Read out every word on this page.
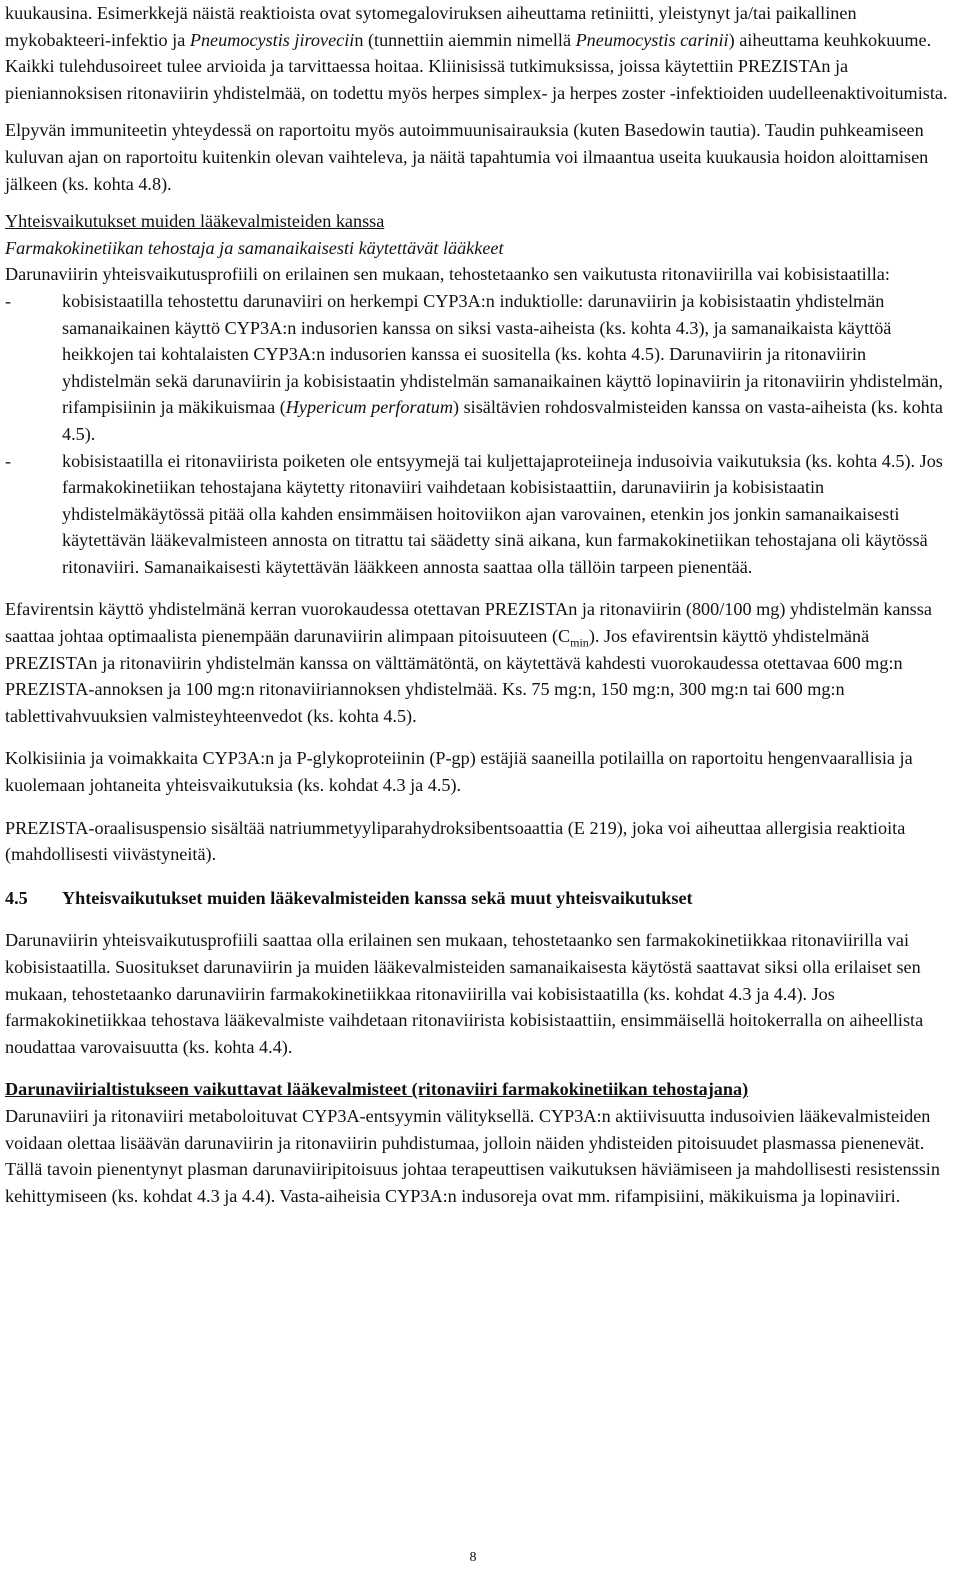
kuukausina. Esimerkkejä näistä reaktioista ovat sytomegaloviruksen aiheuttama retiniitti, yleistynyt ja/tai paikallinen mykobakteeri-infektio ja Pneumocystis jiroveciin (tunnettiin aiemmin nimellä Pneumocystis carinii) aiheuttama keuhkokuume. Kaikki tulehdusoireet tulee arvioida ja tarvittaessa hoitaa. Kliinisissä tutkimuksissa, joissa käytettiin PREZISTAn ja pieniannoksisen ritonaviirin yhdistelmää, on todettu myös herpes simplex- ja herpes zoster -infektioiden uudelleenaktivoitumista.

Elpyvän immuniteetin yhteydessä on raportoitu myös autoimmuunisairauksia (kuten Basedowin tautia). Taudin puhkeamiseen kuluvan ajan on raportoitu kuitenkin olevan vaihteleva, ja näitä tapahtumia voi ilmaantua useita kuukausia hoidon aloittamisen jälkeen (ks. kohta 4.8).

Yhteisvaikutukset muiden lääkevalmisteiden kanssa

Farmakokinetiikan tehostaja ja samanaikaisesti käytettävät lääkkeet

Darunaviirin yhteisvaikutusprofiili on erilainen sen mukaan, tehostetaanko sen vaikutusta ritonaviirilla vai kobisistaatilla:

-	kobisistaatilla tehostettu darunaviiri on herkempi CYP3A:n induktiolle: darunaviirin ja kobisistaatin yhdistelmän samanaikainen käyttö CYP3A:n indusorien kanssa on siksi vasta-aiheista (ks. kohta 4.3), ja samanaikaista käyttöä heikkojen tai kohtalaisten CYP3A:n indusorien kanssa ei suositella (ks. kohta 4.5). Darunaviirin ja ritonaviirin yhdistelmän sekä darunaviirin ja kobisistaatin yhdistelmän samanaikainen käyttö lopinaviirin ja ritonaviirin yhdistelmän, rifampisiinin ja mäkikuismaa (Hypericum perforatum) sisältävien rohdosvalmisteiden kanssa on vasta-aiheista (ks. kohta 4.5).
-	kobisistaatilla ei ritonaviirista poiketen ole entsyymejä tai kuljettajaproteiineja indusoivia vaikutuksia (ks. kohta 4.5). Jos farmakokinetiikan tehostajana käytetty ritonaviiri vaihdetaan kobisistaattiin, darunaviirin ja kobisistaatin yhdistelmäkäytössä pitää olla kahden ensimmäisen hoitoviikon ajan varovainen, etenkin jos jonkin samanaikaisesti käytettävän lääkevalmisteen annosta on titrattu tai säädetty sinä aikana, kun farmakokinetiikan tehostajana oli käytössä ritonaviiri. Samanaikaisesti käytettävän lääkkeen annosta saattaa olla tällöin tarpeen pienentää.

Efavirentsin käyttö yhdistelmänä kerran vuorokaudessa otettavan PREZISTAn ja ritonaviirin (800/100 mg) yhdistelmän kanssa saattaa johtaa optimaalista pienempään darunaviirin alimpaan pitoisuuteen $(C_{min})$. Jos efavirentsin käyttö yhdistelmänä PREZISTAn ja ritonaviirin yhdistelmän kanssa on välttämätöntä, on käytettävä kahdesti vuorokaudessa otettavaa 600 mg:n PREZISTA-annoksen ja 100 mg:n ritonaviiriannoksen yhdistelmää. Ks. 75 mg:n, 150 mg:n, 300 mg:n tai 600 mg:n tablettivahvuuksien valmisteyhteenvedot (ks. kohta 4.5).

Kolkisiinia ja voimakkaita CYP3A:n ja P-glykoproteiinin (P-gp) estäjiä saaneilla potilailla on raportoitu hengenvaarallisia ja kuolemaan johtaneita yhteisvaikutuksia (ks. kohdat 4.3 ja 4.5).

PREZISTA-oraalisuspensio sisältää natriummetyyliparahydroksibentsoaattia (E 219), joka voi aiheuttaa allergisia reaktioita (mahdollisesti viivästyneitä).

4.5	Yhteisvaikutukset muiden lääkevalmisteiden kanssa sekä muut yhteisvaikutukset

Darunaviirin yhteisvaikutusprofiili saattaa olla erilainen sen mukaan, tehostetaanko sen farmakokinetiikkaa ritonaviirilla vai kobisistaatilla. Suositukset darunaviirin ja muiden lääkevalmisteiden samanaikaisesta käytöstä saattavat siksi olla erilaiset sen mukaan, tehostetaanko darunaviirin farmakokinetiikkaa ritonaviirilla vai kobisistaatilla (ks. kohdat 4.3 ja 4.4). Jos farmakokinetiikkaa tehostava lääkevalmiste vaihdetaan ritonaviirista kobisistaattiin, ensimmäisellä hoitokerralla on aiheellista noudattaa varovaisuutta (ks. kohta 4.4).

Darunaviirialtistukseen vaikuttavat lääkevalmisteet (ritonaviiri farmakokinetiikan tehostajana)

Darunaviiri ja ritonaviiri metaboloituvat CYP3A-entsyymin välityksellä. CYP3A:n aktiivisuutta indusoivien lääkevalmisteiden voidaan olettaa lisäävän darunaviirin ja ritonaviirin puhdistumaa, jolloin näiden yhdisteiden pitoisuudet plasmassa pienenevät. Tällä tavoin pienentynyt plasman darunaviiripitoisuus johtaa terapeuttisen vaikutuksen häviämiseen ja mahdollisesti resistenssin kehittymiseen (ks. kohdat 4.3 ja 4.4). Vasta-aiheisia CYP3A:n indusoreja ovat mm. rifampisiini, mäkikuisma ja lopinaviiri.

8
